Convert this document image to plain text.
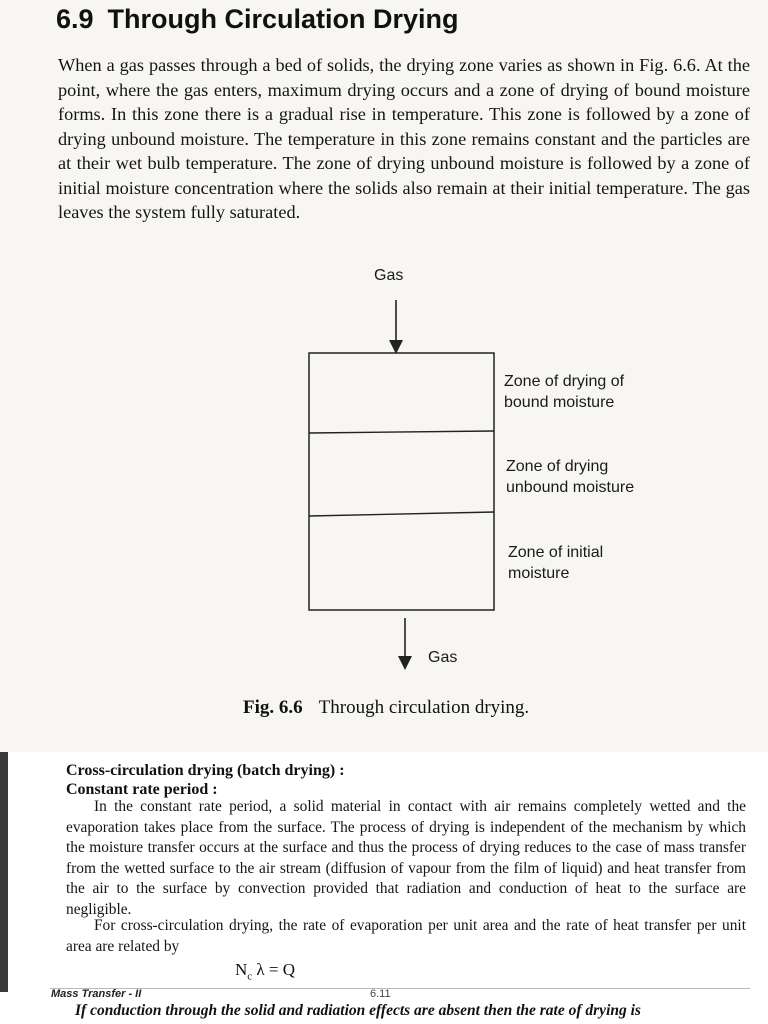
6.9 Through Circulation Drying

When a gas passes through a bed of solids, the drying zone varies as shown in Fig. 6.6. At the point, where the gas enters, maximum drying occurs and a zone of drying of bound moisture forms. In this zone there is a gradual rise in temperature. This zone is followed by a zone of drying unbound moisture. The temperature in this zone remains constant and the particles are at their wet bulb temperature. The zone of drying unbound moisture is followed by a zone of initial moisture concentration where the solids also remain at their initial temperature. The gas leaves the system fully saturated.

Gas
Zone of drying of
bound moisture
Zone of drying
unbound moisture
Zone of initial
moisture
Gas

Fig. 6.6 Through circulation drying.

Cross-circulation drying (batch drying) :

Constant rate period :

In the constant rate period, a solid material in contact with air remains completely wetted and the evaporation takes place from the surface. The process of drying is independent of the mechanism by which the moisture transfer occurs at the surface and thus the process of drying reduces to the case of mass transfer from the wetted surface to the air stream (diffusion of vapour from the film of liquid) and heat transfer from the air to the surface by convection provided that radiation and conduction of heat to the surface are negligible.

For cross-circulation drying, the rate of evaporation per unit area and the rate of heat transfer per unit area are related by

$N_c$ λ = Q

Mass Transfer - II	6.11

If conduction through the solid and radiation effects are absent then the rate of drying is
